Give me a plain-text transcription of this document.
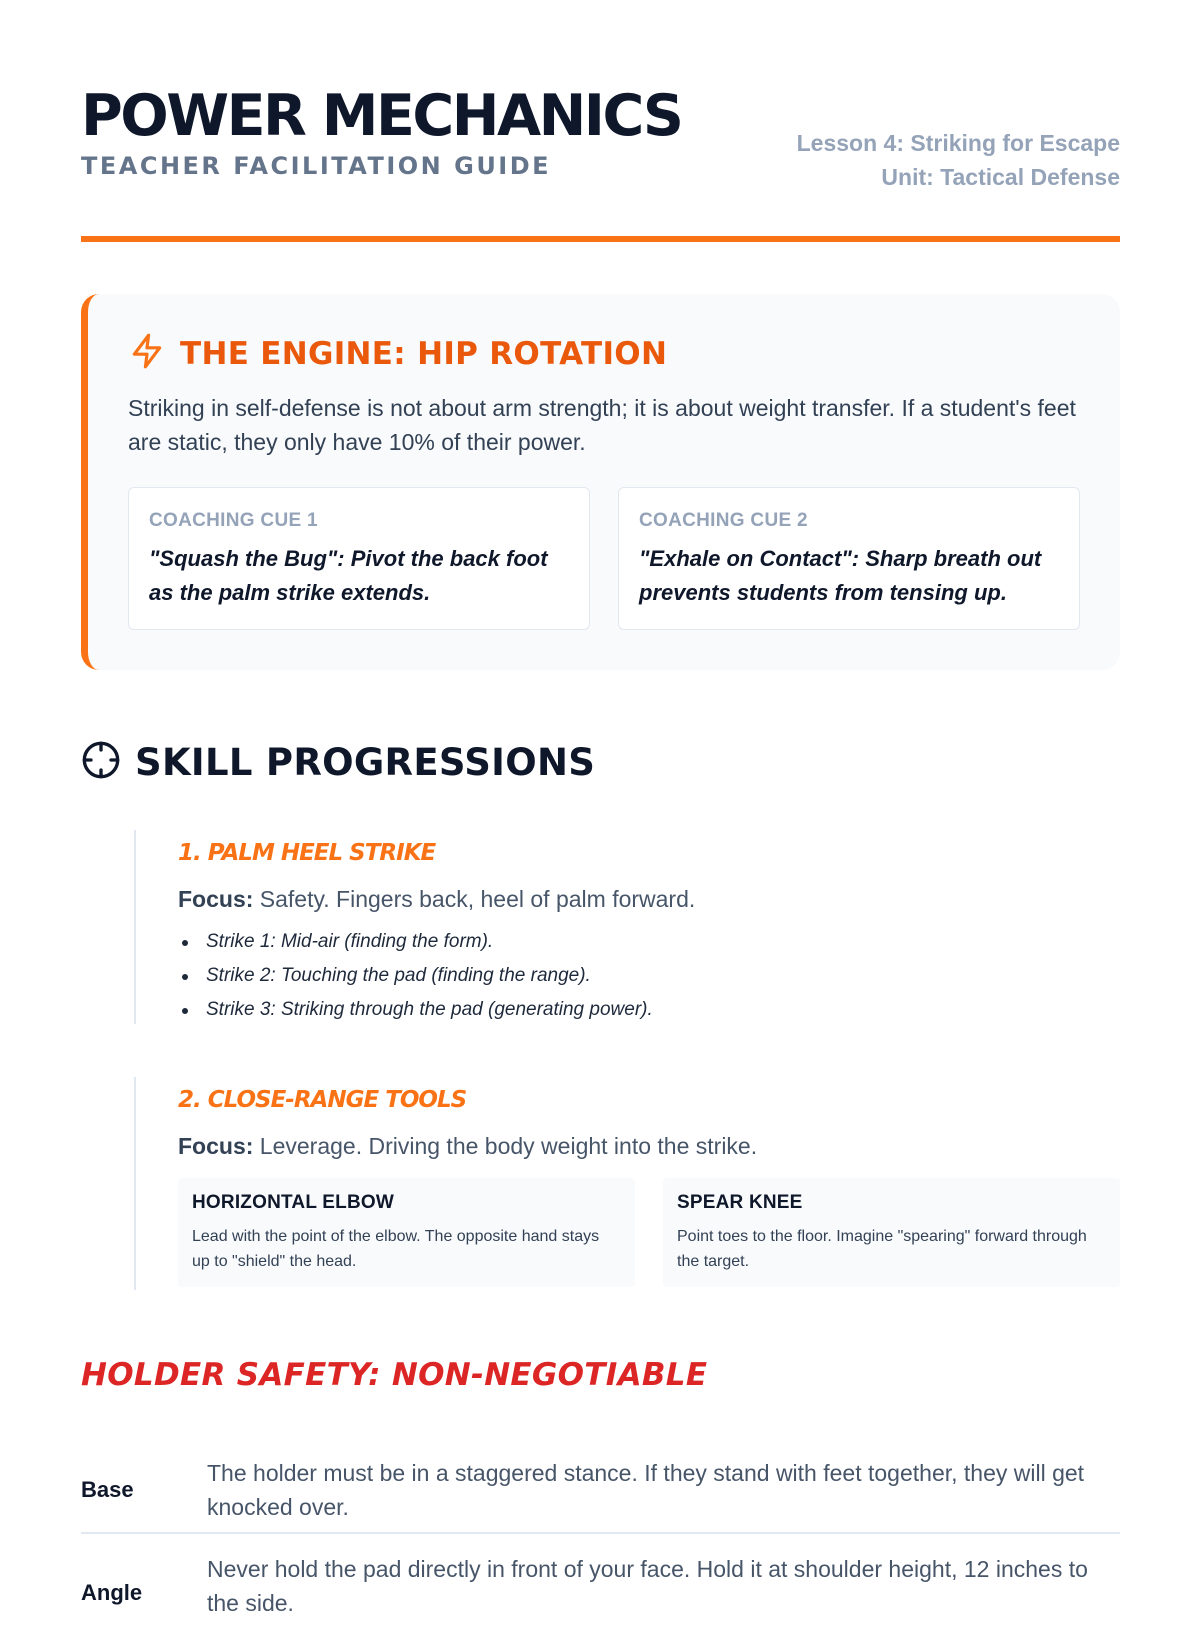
POWER MECHANICS
TEACHER FACILITATION GUIDE
Lesson 4: Striking for Escape
Unit: Tactical Defense
THE ENGINE: HIP ROTATION

Striking in self-defense is not about arm strength; it is about weight transfer. If a student's feet are static, they only have 10% of their power.

COACHING CUE 1
"Squash the Bug": Pivot the back foot as the palm strike extends.
COACHING CUE 2
"Exhale on Contact": Sharp breath out prevents students from tensing up.
SKILL PROGRESSIONS
1. PALM HEEL STRIKE

Focus: Safety. Fingers back, heel of palm forward.

Strike 1: Mid-air (finding the form).
Strike 2: Touching the pad (finding the range).
Strike 3: Striking through the pad (generating power).
2. CLOSE-RANGE TOOLS

Focus: Leverage. Driving the body weight into the strike.

HORIZONTAL ELBOW
Lead with the point of the elbow. The opposite hand stays up to "shield" the head.
SPEAR KNEE
Point toes to the floor. Imagine "spearing" forward through the target.
HOLDER SAFETY: NON-NEGOTIABLE
Base
The holder must be in a staggered stance. If they stand with feet together, they will get knocked over.
Angle
Never hold the pad directly in front of your face. Hold it at shoulder height, 12 inches to the side.
